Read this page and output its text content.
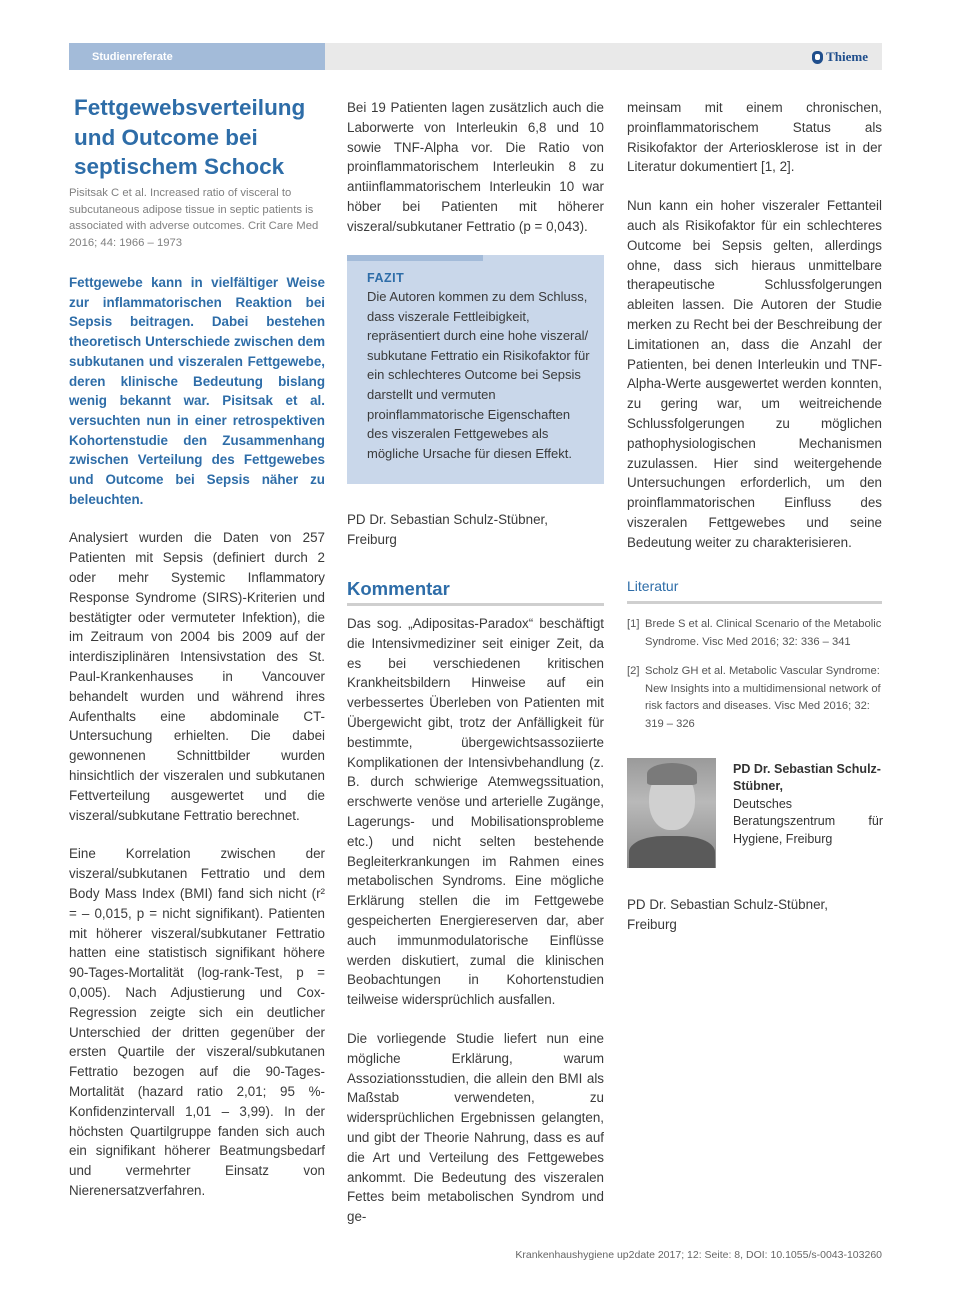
Studienreferate	Thieme
Fettgewebsverteilung und Outcome bei septischem Schock
Pisitsak C et al. Increased ratio of visceral to subcutaneous adipose tissue in septic patients is associated with adverse outcomes. Crit Care Med 2016; 44: 1966 – 1973

Fettgewebe kann in vielfältiger Weise zur inflammatorischen Reaktion bei Sepsis beitragen. Dabei bestehen theoretisch Unterschiede zwischen dem subkutanen und viszeralen Fettgewebe, deren klinische Bedeutung bislang wenig bekannt war. Pisitsak et al. versuchten nun in einer retrospektiven Kohortenstudie den Zusammenhang zwischen Verteilung des Fettgewebes und Outcome bei Sepsis näher zu beleuchten.

Analysiert wurden die Daten von 257 Patienten mit Sepsis (definiert durch 2 oder mehr Systemic Inflammatory Response Syndrome (SIRS)-Kriterien und bestätigter oder vermuteter Infektion), die im Zeitraum von 2004 bis 2009 auf der interdisziplinären Intensivstation des St. Paul-Krankenhauses in Vancouver behandelt wurden und während ihres Aufenthalts eine abdominale CT-Untersuchung erhielten. Die dabei gewonnenen Schnittbilder wurden hinsichtlich der viszeralen und subkutanen Fettverteilung ausgewertet und die viszeral/subkutane Fettratio berechnet.

Eine Korrelation zwischen der viszeral/subkutanen Fettratio und dem Body Mass Index (BMI) fand sich nicht (r² = – 0,015, p = nicht signifikant). Patienten mit höherer viszeral/subkutaner Fettratio hatten eine statistisch signifikant höhere 90-Tages-Mortalität (log-rank-Test, p = 0,005). Nach Adjustierung und Cox-Regression zeigte sich ein deutlicher Unterschied der dritten gegenüber der ersten Quartile der viszeral/subkutanen Fettratio bezogen auf die 90-Tages-Mortalität (hazard ratio 2,01; 95 %-Konfidenzintervall 1,01 – 3,99). In der höchsten Quartilgruppe fanden sich auch ein signifikant höherer Beatmungsbedarf und vermehrter Einsatz von Nierenersatzverfahren.

Bei 19 Patienten lagen zusätzlich auch die Laborwerte von Interleukin 6,8 und 10 sowie TNF-Alpha vor. Die Ratio von proinflammatorischem Interleukin 8 zu antiinflammatorischem Interleukin 10 war höber bei Patienten mit höherer viszeral/subkutaner Fettratio (p = 0,043).

FAZIT
Die Autoren kommen zu dem Schluss, dass viszerale Fettleibigkeit, repräsentiert durch eine hohe viszeral/ subkutane Fettratio ein Risikofaktor für ein schlechteres Outcome bei Sepsis darstellt und vermuten proinflammatorische Eigenschaften des viszeralen Fettgewebes als mögliche Ursache für diesen Effekt.
PD Dr. Sebastian Schulz-Stübner,
Freiburg
Kommentar

Das sog. „Adipositas-Paradox“ beschäftigt die Intensivmediziner seit einiger Zeit, da es bei verschiedenen kritischen Krankheitsbildern Hinweise auf ein verbessertes Überleben von Patienten mit Übergewicht gibt, trotz der Anfälligkeit für bestimmte, übergewichtsassoziierte Komplikationen der Intensivbehandlung (z. B. durch schwierige Atemwegssituation, erschwerte venöse und arterielle Zugänge, Lagerungs- und Mobilisationsprobleme etc.) und nicht selten bestehende Begleiterkrankungen im Rahmen eines metabolischen Syndroms. Eine mögliche Erklärung stellen die im Fettgewebe gespeicherten Energiereserven dar, aber auch immunmodulatorische Einflüsse werden diskutiert, zumal die klinischen Beobachtungen in Kohortenstudien teilweise widersprüchlich ausfallen.

Die vorliegende Studie liefert nun eine mögliche Erklärung, warum Assoziationsstudien, die allein den BMI als Maßstab verwendeten, zu widersprüchlichen Ergebnissen gelangten, und gibt der Theorie Nahrung, dass es auf die Art und Verteilung des Fettgewebes ankommt. Die Bedeutung des viszeralen Fettes beim metabolischen Syndrom und ge-

meinsam mit einem chronischen, proinflammatorischem Status als Risikofaktor der Arteriosklerose ist in der Literatur dokumentiert [1, 2].

Nun kann ein hoher viszeraler Fettanteil auch als Risikofaktor für ein schlechteres Outcome bei Sepsis gelten, allerdings ohne, dass sich hieraus unmittelbare therapeutische Schlussfolgerungen ableiten lassen. Die Autoren der Studie merken zu Recht bei der Beschreibung der Limitationen an, dass die Anzahl der Patienten, bei denen Interleukin und TNF-Alpha-Werte ausgewertet werden konnten, zu gering war, um weitreichende Schlussfolgerungen zu möglichen pathophysiologischen Mechanismen zuzulassen. Hier sind weitergehende Untersuchungen erforderlich, um den proinflammatorischen Einfluss des viszeralen Fettgewebes und seine Bedeutung weiter zu charakterisieren.

Literatur
[1] Brede S et al. Clinical Scenario of the Metabolic Syndrome. Visc Med 2016; 32: 336 – 341
[2] Scholz GH et al. Metabolic Vascular Syndrome: New Insights into a multidimensional network of risk factors and diseases. Visc Med 2016; 32: 319 – 326
PD Dr. Sebastian Schulz-Stübner,
Deutsches Beratungszentrum für Hygiene, Freiburg
PD Dr. Sebastian Schulz-Stübner,
Freiburg
Krankenhaushygiene up2date 2017; 12: Seite: 8, DOI: 10.1055/s-0043-103260
